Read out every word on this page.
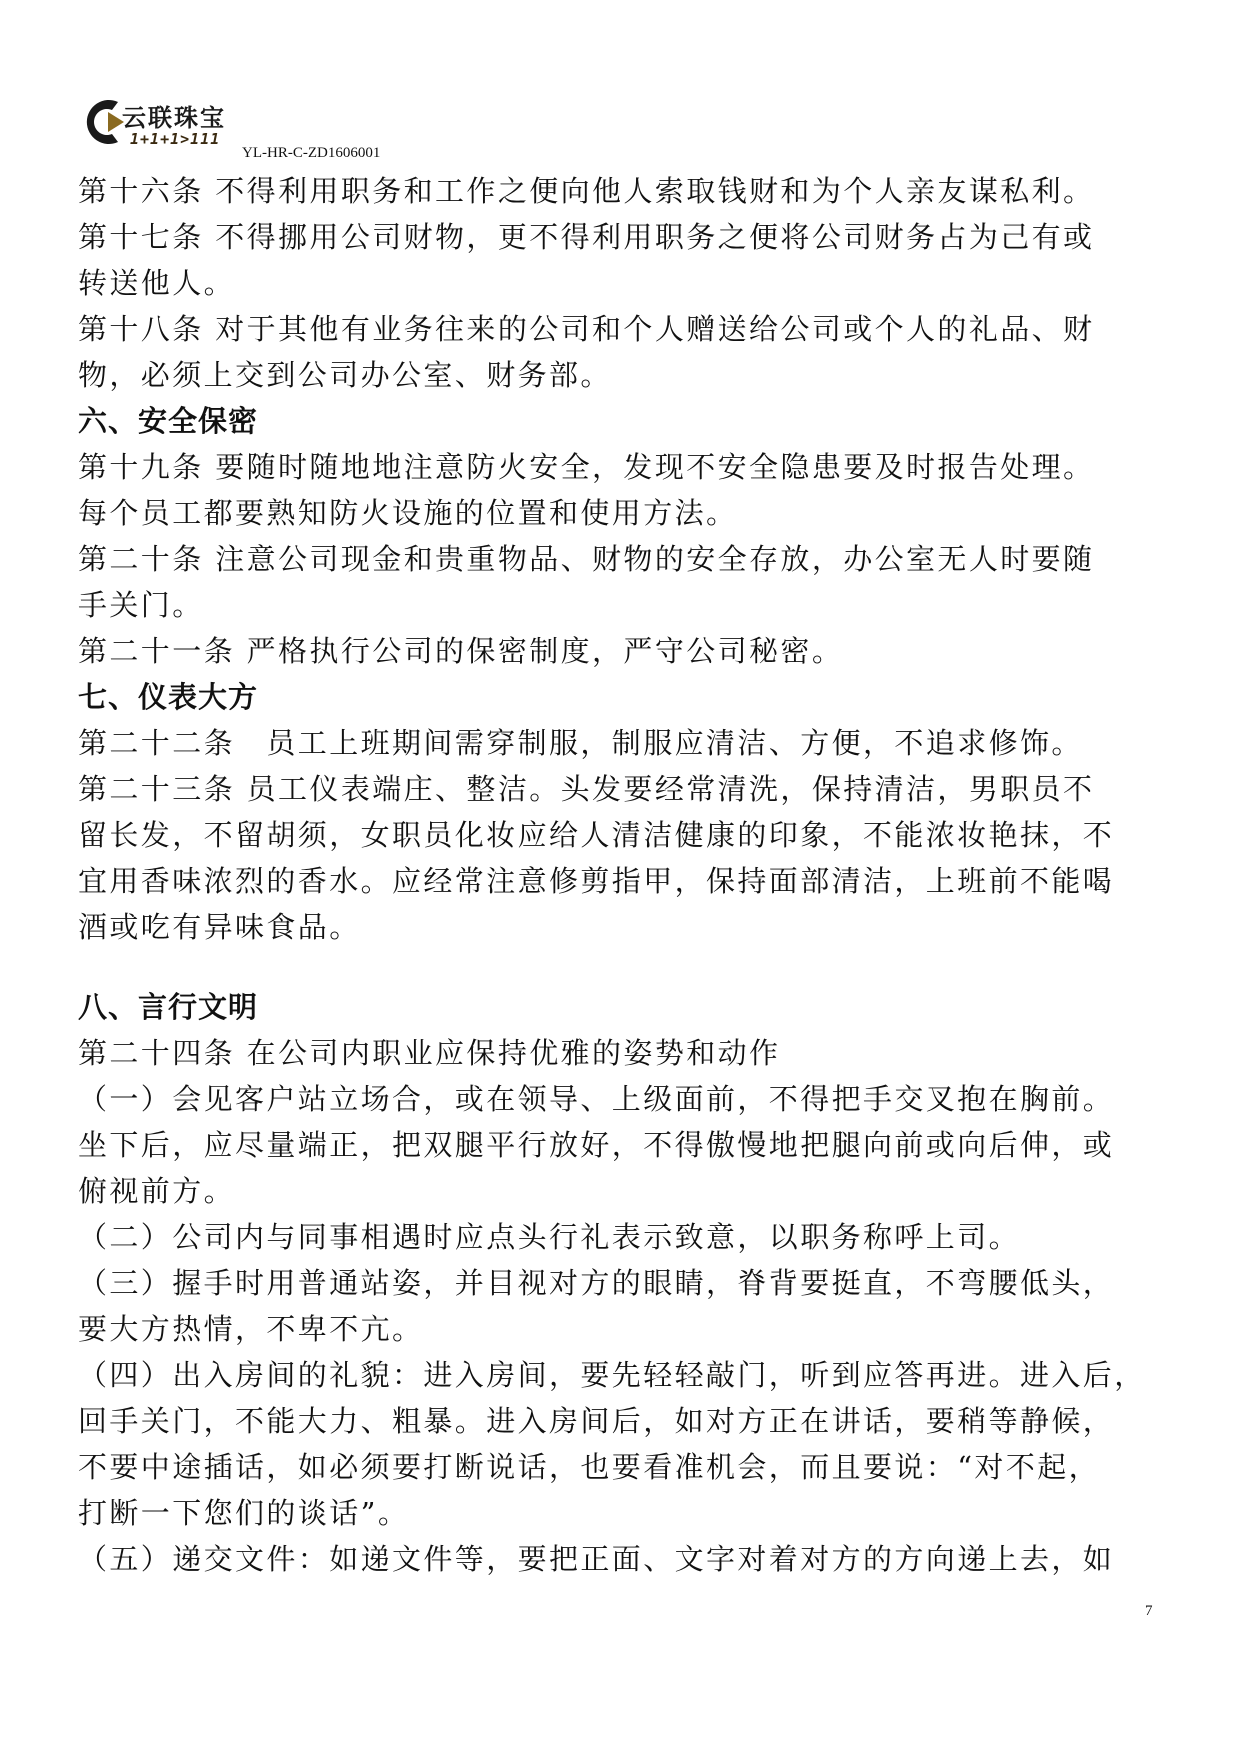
云联珠宝
1+1+1>111
YL-HR-C-ZD1606001
第十六条 不得利用职务和工作之便向他人索取钱财和为个人亲友谋私利。
第十七条 不得挪用公司财物，更不得利用职务之便将公司财务占为己有或
转送他人。
第十八条 对于其他有业务往来的公司和个人赠送给公司或个人的礼品、财
物，必须上交到公司办公室、财务部。
六、安全保密
第十九条 要随时随地地注意防火安全，发现不安全隐患要及时报告处理。
每个员工都要熟知防火设施的位置和使用方法。
第二十条 注意公司现金和贵重物品、财物的安全存放，办公室无人时要随
手关门。
第二十一条 严格执行公司的保密制度，严守公司秘密。
七、仪表大方
第二十二条　员工上班期间需穿制服，制服应清洁、方便，不追求修饰。
第二十三条 员工仪表端庄、整洁。头发要经常清洗，保持清洁，男职员不
留长发，不留胡须，女职员化妆应给人清洁健康的印象，不能浓妆艳抹，不
宜用香味浓烈的香水。应经常注意修剪指甲，保持面部清洁，上班前不能喝
酒或吃有异味食品。
八、言行文明
第二十四条 在公司内职业应保持优雅的姿势和动作
（一）会见客户站立场合，或在领导、上级面前，不得把手交叉抱在胸前。
坐下后，应尽量端正，把双腿平行放好，不得傲慢地把腿向前或向后伸，或
俯视前方。
（二）公司内与同事相遇时应点头行礼表示致意，以职务称呼上司。
（三）握手时用普通站姿，并目视对方的眼睛，脊背要挺直，不弯腰低头，
要大方热情，不卑不亢。
（四）出入房间的礼貌：进入房间，要先轻轻敲门，听到应答再进。进入后，
回手关门，不能大力、粗暴。进入房间后，如对方正在讲话，要稍等静候，
不要中途插话，如必须要打断说话，也要看准机会，而且要说：“对不起，
打断一下您们的谈话”。
（五）递交文件：如递文件等，要把正面、文字对着对方的方向递上去，如
7
